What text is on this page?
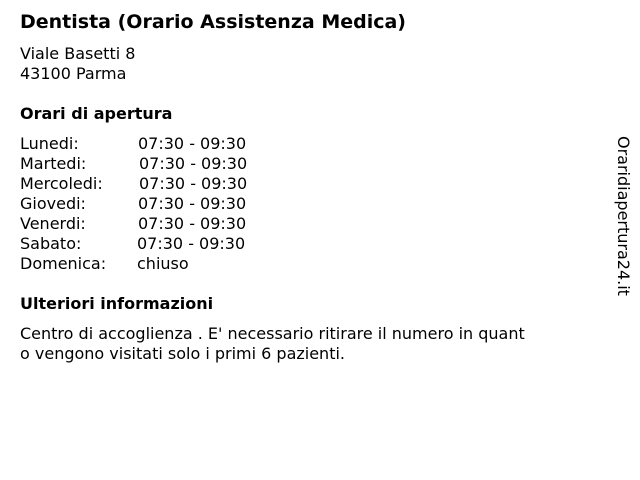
Dentista (Orario Assistenza Medica)
Viale Basetti 8
43100 Parma
Orari di apertura
Lunedi:	07:30 - 09:30
Martedi:	07:30 - 09:30
Mercoledi: 07:30 - 09:30
Giovedi:	07:30 - 09:30
Venerdi:	07:30 - 09:30
Sabato:	07:30 - 09:30
Domenica: chiuso
Ulteriori informazioni
Centro di accoglienza . E' necessario ritirare il numero in quant
o vengono visitati solo i primi 6 pazienti.
Oraridiapertura24.it
